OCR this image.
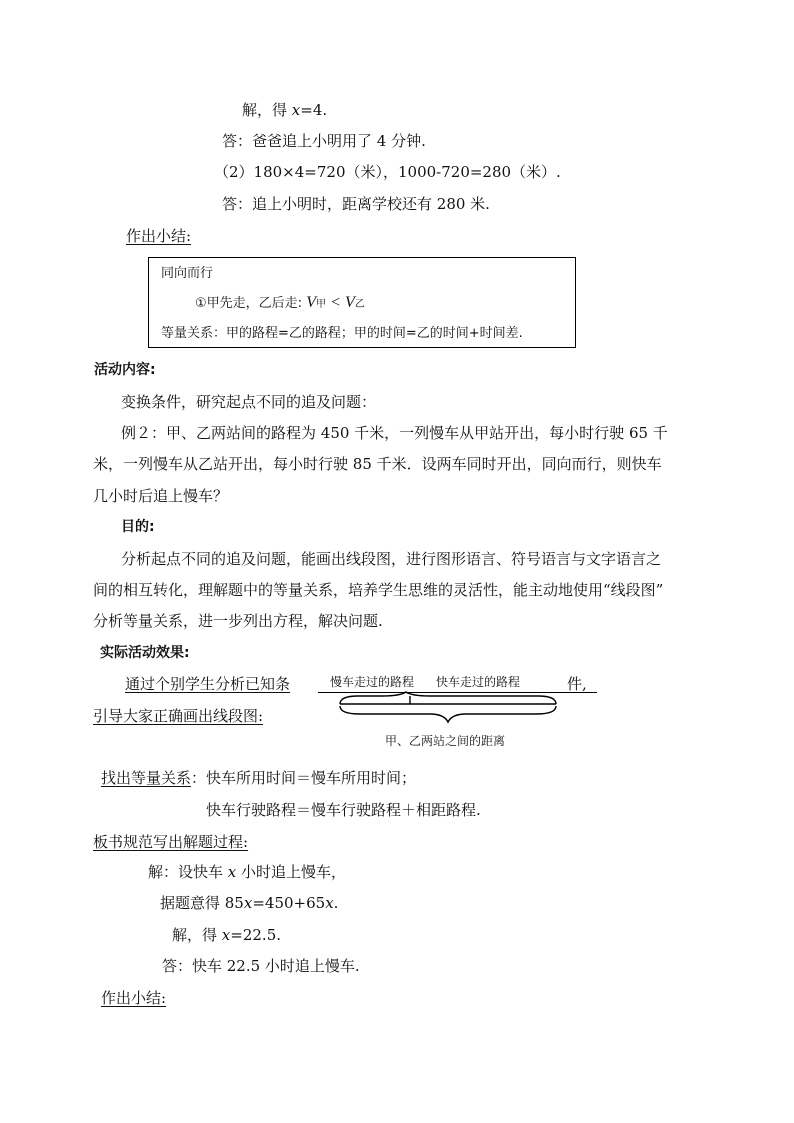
解，得 x=4.
答：爸爸追上小明用了 4 分钟.
（2）180×4=720（米），1000-720=280（米）.
答：追上小明时，距离学校还有 280 米.
作出小结:
同向而行
①甲先走，乙后走: V甲 < V乙
等量关系：甲的路程=乙的路程；甲的时间=乙的时间+时间差.
活动内容:
变换条件，研究起点不同的追及问题：
例２：甲、乙两站间的路程为 450 千米，一列慢车从甲站开出，每小时行驶 65 千
米，一列慢车从乙站开出，每小时行驶 85 千米．设两车同时开出，同向而行，则快车
几小时后追上慢车？
目的:
分析起点不同的追及问题，能画出线段图，进行图形语言、符号语言与文字语言之
间的相互转化，理解题中的等量关系，培养学生思维的灵活性，能主动地使用“线段图”
分析等量关系，进一步列出方程，解决问题.
实际活动效果:
通过个别学生分析已知条	件,
引导大家正确画出线段图:
慢车走过的路程 快车走过的路程
甲、乙两站之间的距离
找出等量关系：快车所用时间＝慢车所用时间；
快车行驶路程＝慢车行驶路程＋相距路程.
板书规范写出解题过程:
解：设快车 x 小时追上慢车，
据题意得 85x=450+65x.
解，得 x=22.5.
答：快车 22.5 小时追上慢车.
作出小结:
